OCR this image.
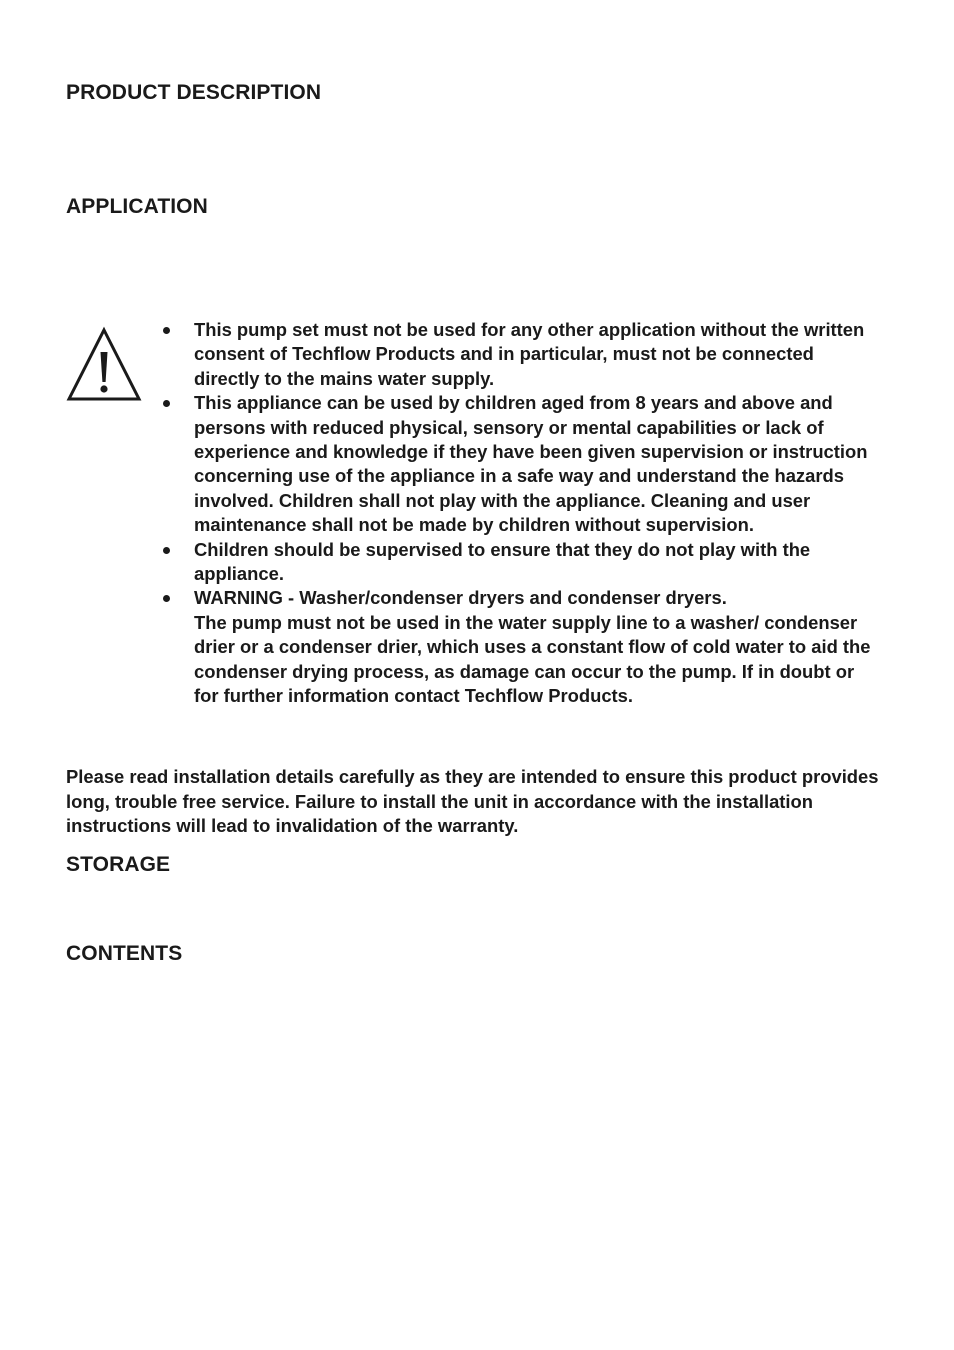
PRODUCT DESCRIPTION
APPLICATION
This pump set must not be used for any other application without the written consent of Techflow Products and in particular, must not be connected directly to the mains water supply.
This appliance can be used by children aged from 8 years and above and persons with reduced physical, sensory or mental capabilities or lack of experience and knowledge if they have been given supervision or instruction concerning use of the appliance in a safe way and understand the hazards involved. Children shall not play with the appliance. Cleaning and user maintenance shall not be made by children without supervision.
Children should be supervised to ensure that they do not play with the appliance.
WARNING - Washer/condenser dryers and condenser dryers.
The pump must not be used in the water supply line to a washer/ condenser drier or a condenser drier, which uses a constant flow of cold water to aid the condenser drying process, as damage can occur to the pump. If in doubt or for further information contact Techflow Products.

Please read installation details carefully as they are intended to ensure this product provides long, trouble free service. Failure to install the unit in accordance with the installation instructions will lead to invalidation of the warranty.

STORAGE
CONTENTS
